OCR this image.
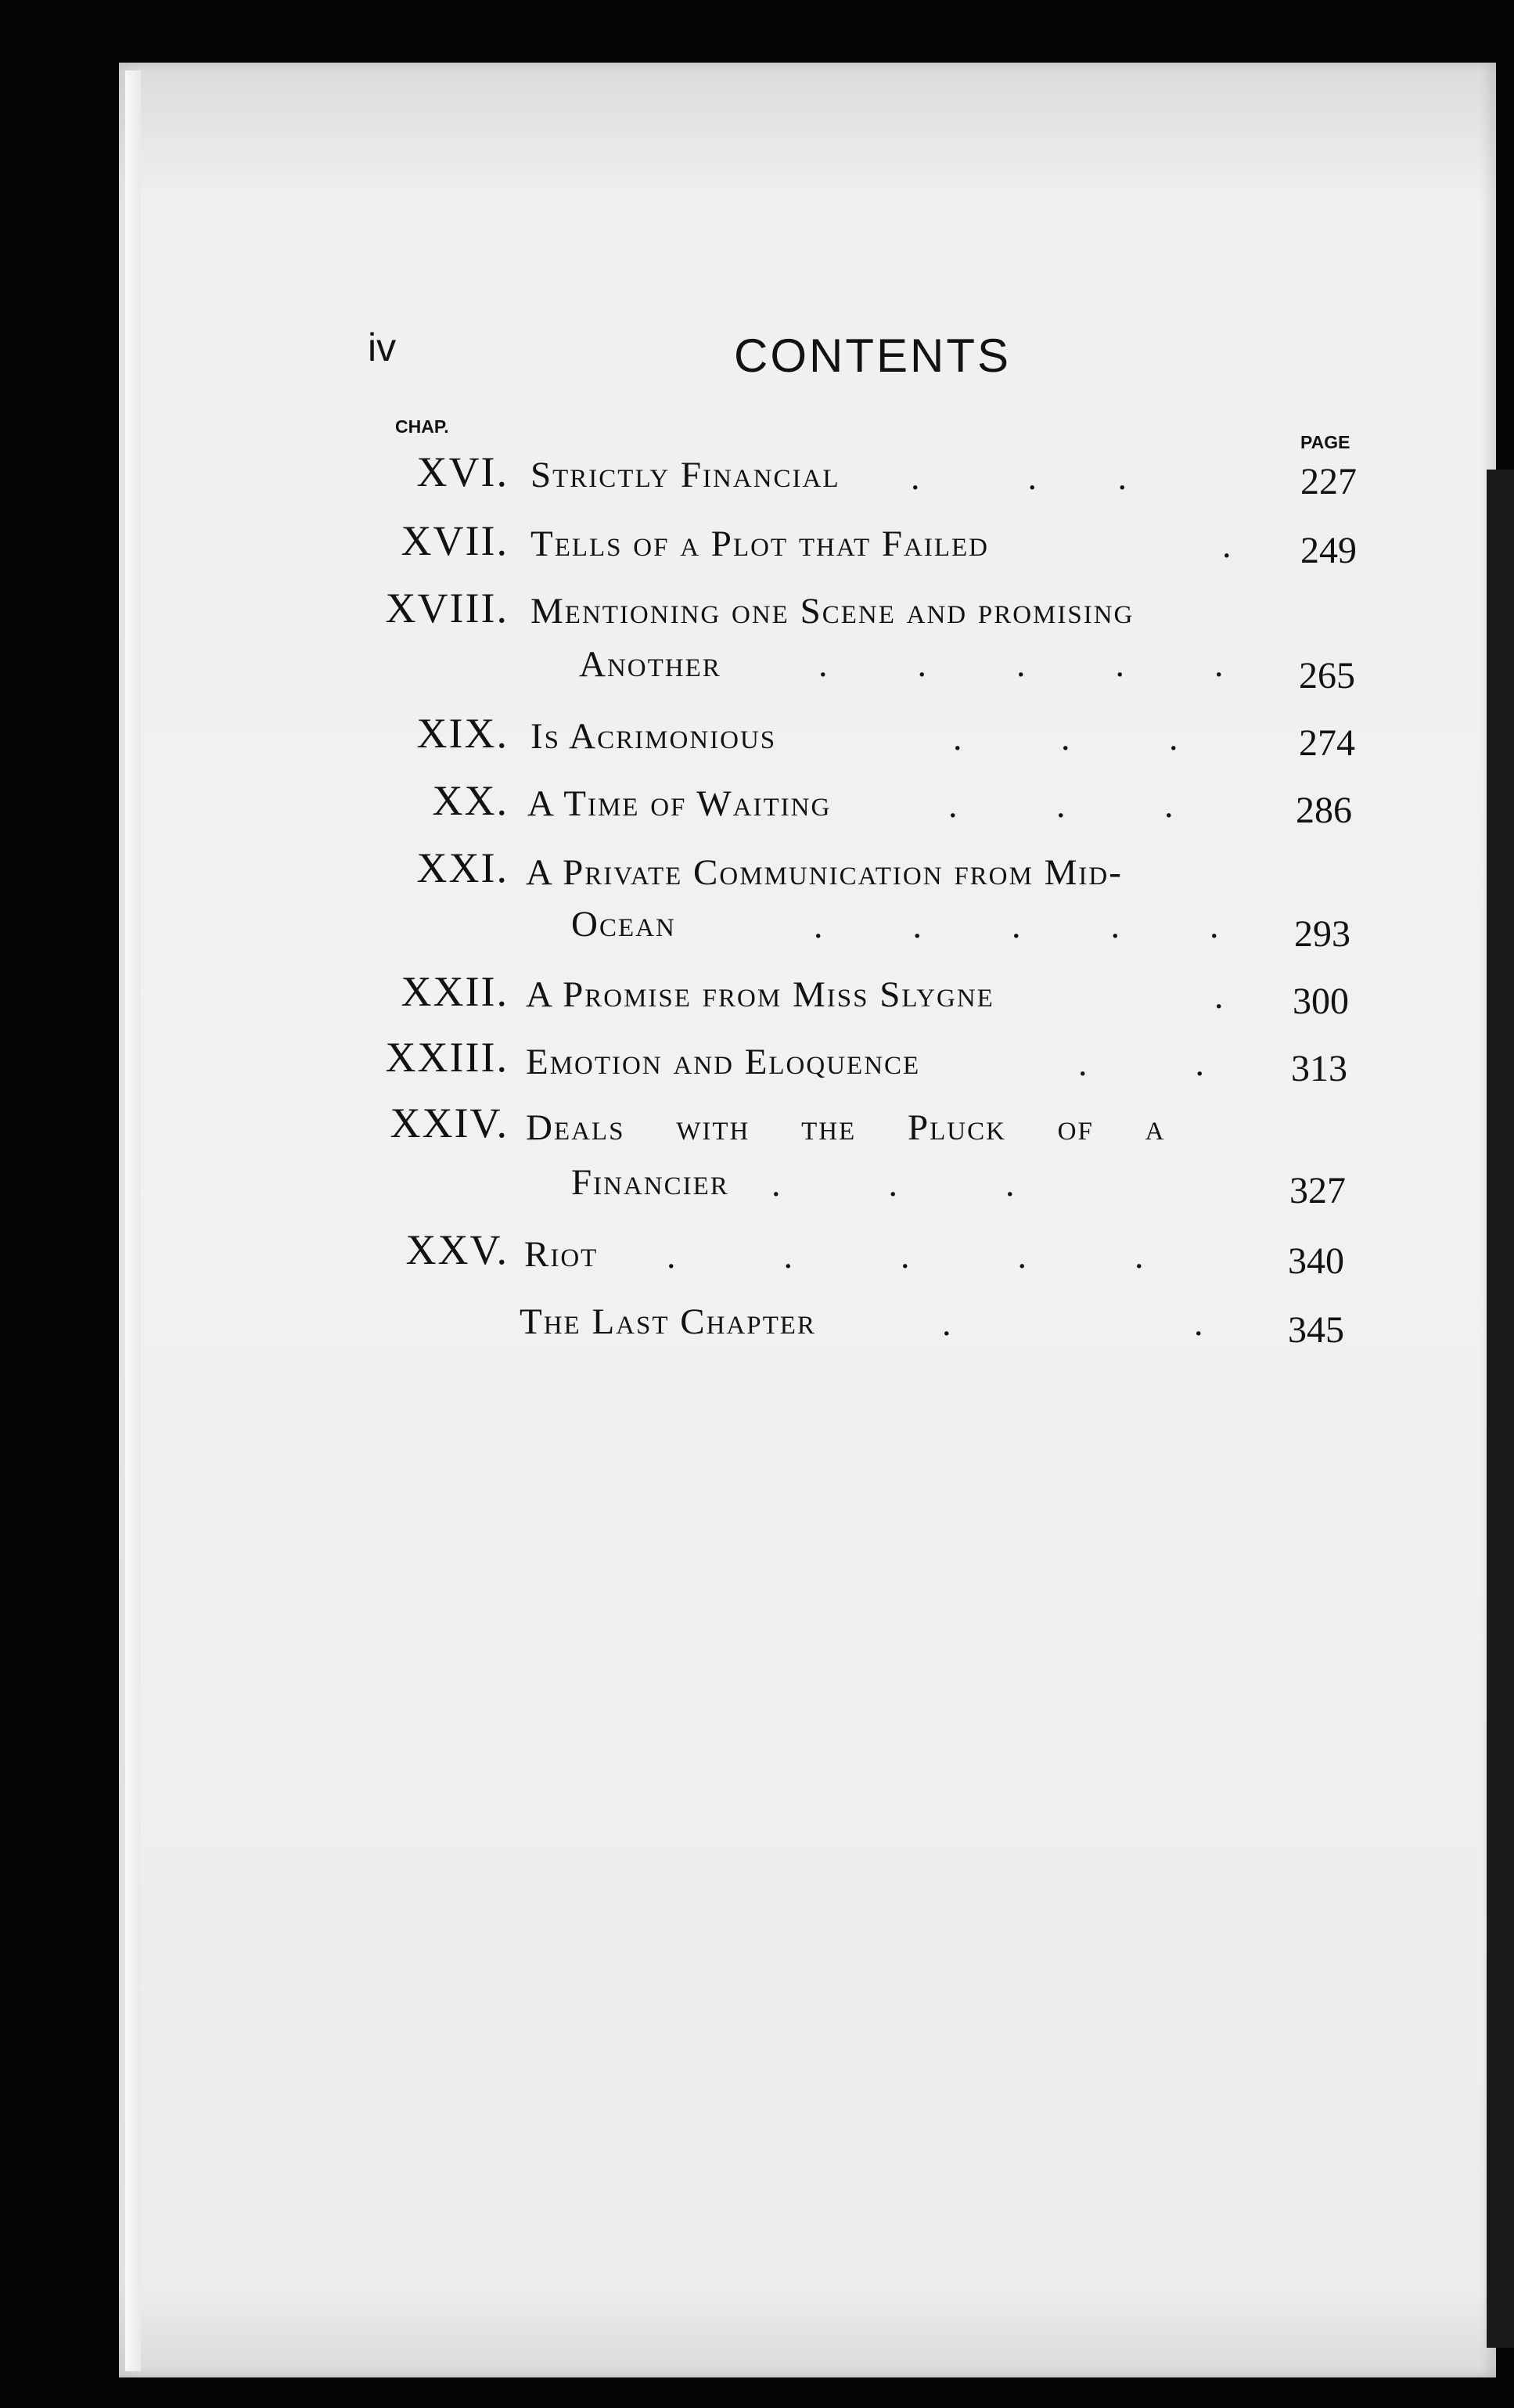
iv	CONTENTS
CHAP.
PAGE
XVI. Strictly Financial .            .         .	227
XVII. Tells of a Plot that Failed	. 249
XVIII. Mentioning one Scene and promising
Another	.          .          .          .          . 265
XIX. Is Acrimonious	.           .           .	274
XX. A Time of Waiting	.           .           .	286
XXI. A Private Communication from Mid-
Ocean	.          .          .          .          . 293
XXII. A Promise from Miss Slygne	. 300
XXIII. Emotion and Eloquence	.            . 313
XXIV. Deals with the Pluck of a
Financier .            .            .	327
XXV. Riot .            .            .            .            .	340
The Last Chapter	.                           . 345
